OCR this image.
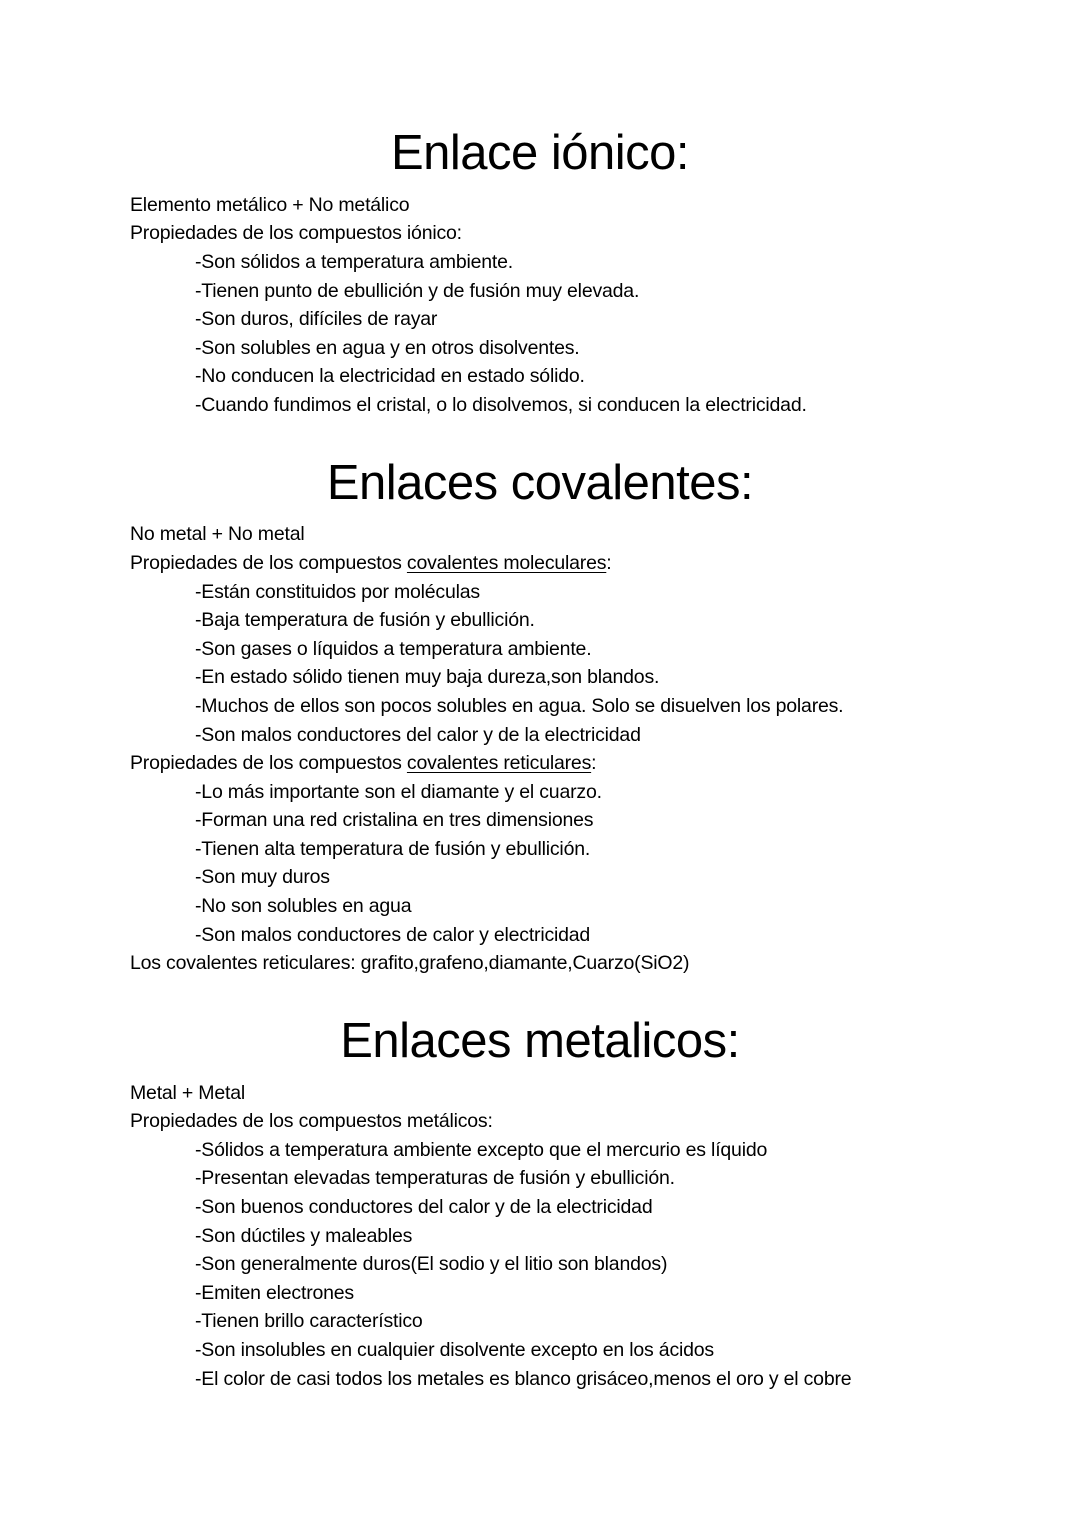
Enlace iónico:
Elemento metálico + No metálico
Propiedades de los compuestos iónico:
-Son sólidos a temperatura ambiente.
-Tienen punto de ebullición y de fusión muy elevada.
-Son duros, difíciles de rayar
-Son solubles en agua y en otros disolventes.
-No conducen la electricidad en estado sólido.
-Cuando fundimos el cristal, o lo disolvemos, si conducen la electricidad.
Enlaces covalentes:
No metal + No metal
Propiedades de los compuestos covalentes moleculares:
-Están constituidos por moléculas
-Baja temperatura de fusión y ebullición.
-Son gases o líquidos a temperatura ambiente.
-En estado sólido tienen muy baja dureza,son blandos.
-Muchos de ellos son pocos solubles en agua. Solo se disuelven los polares.
-Son malos conductores del calor y de la electricidad
Propiedades de los compuestos covalentes reticulares:
-Lo más importante son el diamante y el cuarzo.
-Forman una red cristalina en tres dimensiones
-Tienen alta temperatura de fusión y ebullición.
-Son muy duros
-No son solubles en agua
-Son malos conductores de calor y electricidad
Los covalentes reticulares: grafito,grafeno,diamante,Cuarzo(SiO2)
Enlaces metalicos:
Metal + Metal
Propiedades de los compuestos metálicos:
-Sólidos a temperatura ambiente excepto que el mercurio es líquido
-Presentan elevadas temperaturas de fusión y ebullición.
-Son buenos conductores del calor y de la electricidad
-Son dúctiles y maleables
-Son generalmente duros(El sodio y el litio son blandos)
-Emiten electrones
-Tienen brillo característico
-Son insolubles en cualquier disolvente excepto en los ácidos
-El color de casi todos los metales es blanco grisáceo,menos el oro y el cobre
